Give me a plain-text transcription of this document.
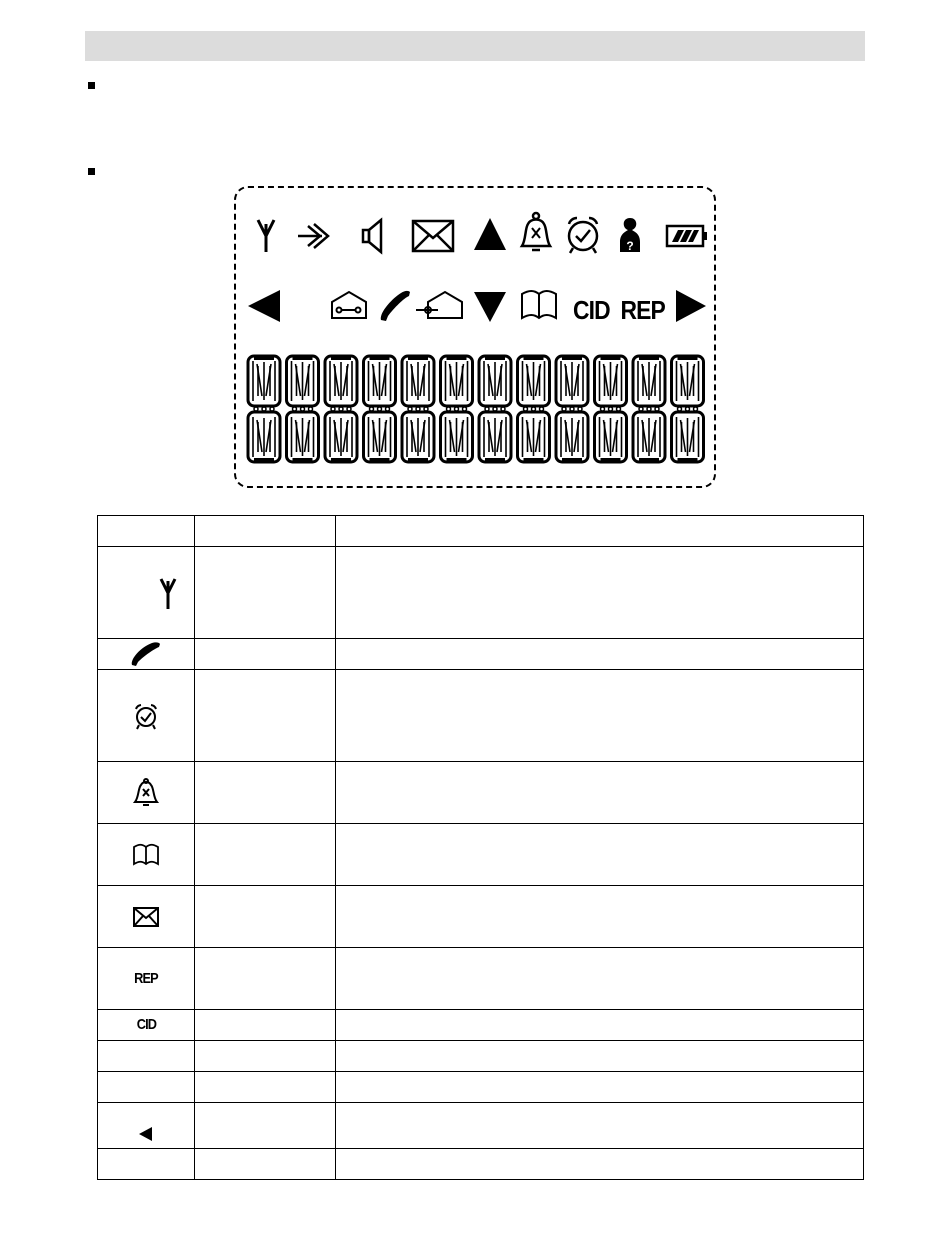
?
CID REP

REP		
CID		
